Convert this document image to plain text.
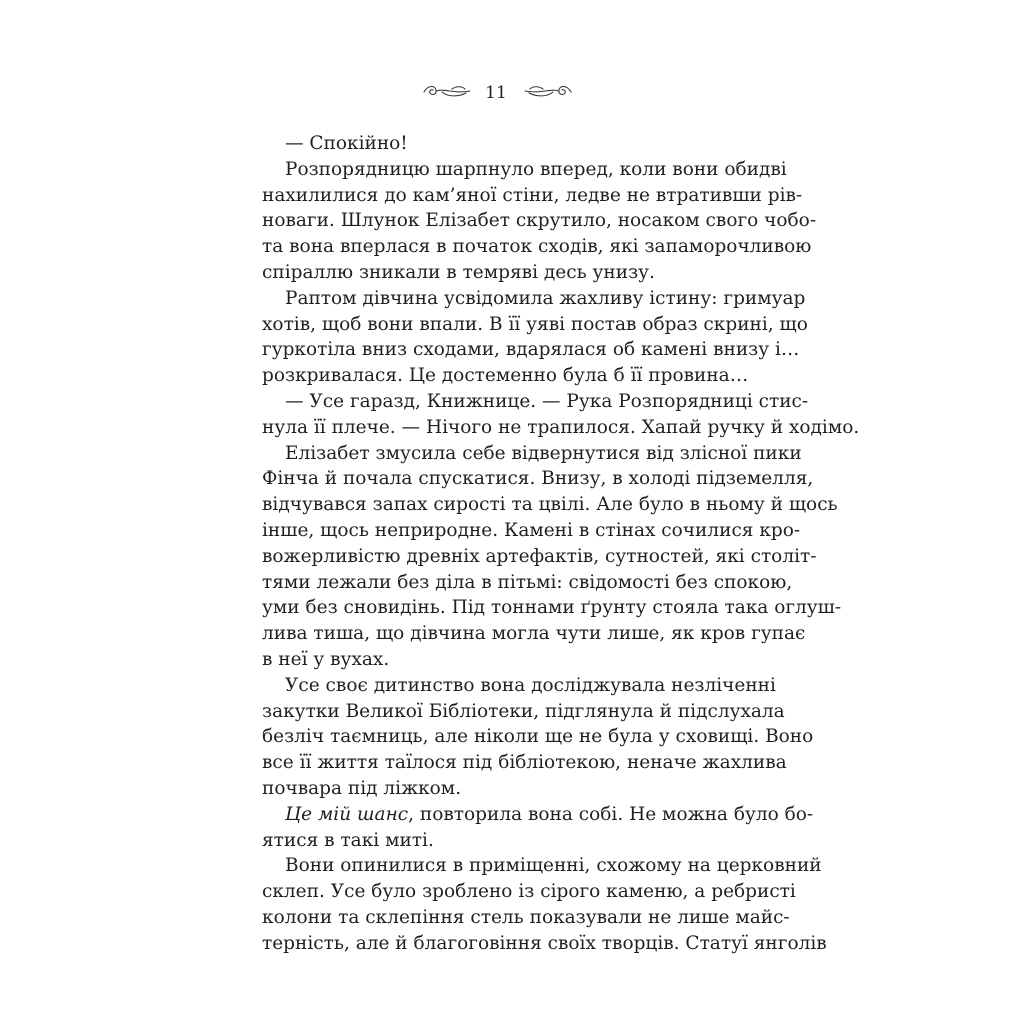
11
— Спокійно!
Розпорядницю шарпнуло вперед, коли вони обидві
нахилилися до кам’яної стіни, ледве не втративши рів-
новаги. Шлунок Елізабет скрутило, носаком свого чобо-
та вона вперлася в початок сходів, які запаморочливою
спіраллю зникали в темряві десь унизу.
Раптом дівчина усвідомила жахливу істину: гримуар
хотів, щоб вони впали. В її уяві постав образ скрині, що
гуркотіла вниз сходами, вдарялася об камені внизу і…
розкривалася. Це достеменно була б її провина…
— Усе гаразд, Книжнице. — Рука Розпорядниці стис-
нула її плече. — Нічого не трапилося. Хапай ручку й ходімо.
Елізабет змусила себе відвернутися від злісної пики
Фінча й почала спускатися. Внизу, в холоді підземелля,
відчувався запах сирості та цвілі. Але було в ньому й щось
інше, щось неприродне. Камені в стінах сочилися кро-
вожерливістю древніх артефактів, сутностей, які століт-
тями лежали без діла в пітьмі: свідомості без спокою,
уми без сновидінь. Під тоннами ґрунту стояла така оглуш-
лива тиша, що дівчина могла чути лише, як кров гупає
в неї у вухах.
Усе своє дитинство вона досліджувала незліченні
закутки Великої Бібліотеки, підглянула й підслухала
безліч таємниць, але ніколи ще не була у сховищі. Воно
все її життя таїлося під бібліотекою, неначе жахлива
почвара під ліжком.
Це мій шанс, повторила вона собі. Не можна було бо-
ятися в такі миті.
Вони опинилися в приміщенні, схожому на церковний
склеп. Усе було зроблено із сірого каменю, а ребристі
колони та склепіння стель показували не лише майс-
терність, але й благоговіння своїх творців. Статуї янголів
